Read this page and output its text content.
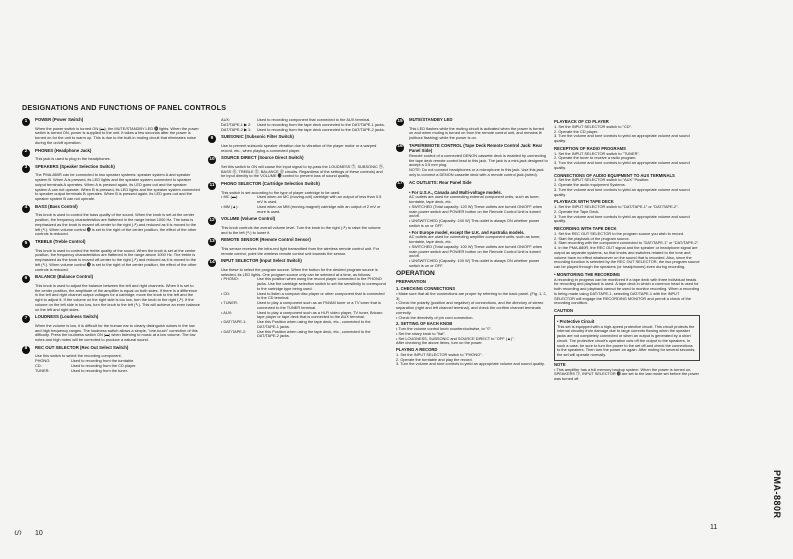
DESIGNATIONS AND FUNCTIONS OF PANEL CONTROLS
1	POWER (Power Switch)

When the power switch is turned ON (▬), the MUTE/STANDBY LED ⓮ lights. When the power switch is turned ON, power is supplied to the unit. It takes a few seconds after the power is turned on for the unit to warm up. This is due to the built-in muting circuit that eliminates noise during the on/off operation.

2	PHONES (Headphone Jack)

This jack is used to plug in the headphones.

3	SPEAKERS (Speaker Selection Switch)

The PMA-880R can be connected to two speaker systems: speaker system A and speaker system B. When A is pressed, its LED lights and the speaker system connected to speaker output terminals A operates. When A is pressed again, its LED goes out and the speaker system A can not operate. When B is pressed, its LED lights and the speaker system connected to speaker output terminals B operates. When B is pressed again, its LED goes out and the speaker system B can not operate.

4	BASS (Bass Control)

This knob is used to control the bass quality of the sound. When the knob is set at the center position, the frequency characteristics are flattened in the range below 1000 Hz. The bass is emphasized as the knob is moved off-center to the right (↗) and reduced as it is moved to the left (↖). When volume control ⓫ is set to the right of the center position, the effect of the other controls is reduced.

5	TREBLE (Treble Control)

This knob is used to control the treble quality of the sound. When the knob is set at the center position, the frequency characteristics are flattened in the range above 1000 Hz. The treble is emphasized as the knob is moved off-center to the right (↗) and reduced as it is moved to the left (↖). When volume control ⓫ is set to the right of the center position, the effect of the other controls is reduced.

6	BALANCE (Balance Control)

This knob is used to adjust the balance between the left and right channels. When it is set to the center position, the amplitude of the amplifier is equal on both sides. If there is a difference in the left and right channel output voltages for a cartridge, move the knob to the left and the right to adjust it. If the volume on the right side is too low, turn the knob to the right (↗). If the volume on the left side is too low, turn the knob to the left (↖). This will achieve an even balance on the left and right sides.

7	LOUDNESS (Loudness Switch)

When the volume is low, it is difficult for the human ear to clearly distinguish noises in the low and high frequency ranges. The loudness switch allows a simple, "one-touch" correction of this difficulty. Press the loudness switch ON (▬) when listening to music at a low volume. The low notes and high notes will be corrected to produce a natural sound.

8	REC OUT SELECTOR (Rec Out Select Switch)

Use this switch to select the recording component.

PHONO:	Used to recording from the turntable.
CD:	Used to recording from the CD player.
TUNER:	Used to recording from the tuner.
AUX:	Used to recording component that connected to the AUX terminal.
DAT/TAPE-1 ▶ 2:	Used to recording from the tape deck connected to the DAT/TAPE-1 jacks.
DAT/TAPE-2 ▶ 1:	Used to recording from the tape deck connected to the DAT/TAPE-2 jacks.
9	SUBSONIC (Subsonic Filter Switch)

Use to prevent subsonic speaker vibration due to vibration of the player motor or a warped record, etc., when playing a connected player.

10	SOURCE DIRECT (Source Direct Switch)

Set this switch to ON will cause the input signal to by-pass the LOUDNESS ⓻, SUBSONIC ⓽, BASS ⓸, TREBLE ⓹, BALANCE ⓺ circuits. Regardless of the settings of these controls) and be input directly to the VOLUME ⓫ control to prevent loss of sound quality.

11	PHONO SELECTOR (Cartridge Selection Switch)

This switch is set according to the type of player cartridge to be used.

• MC (▬):	Used when an MC (moving-coil) cartridge with an output of less than 0.5 mV is used.
• MM (▲):	Used when an MM (moving-magnet) cartridge with an output of 2 mV or more is used.
12	VOLUME (Volume Control)

This knob controls the overall volume level. Turn the knob to the right (↗) to raise the volume and to the left (↖) to lower it.

13	REMOTE SENSOR (Remote Control Sensor)

This sensor receives the infra-red light transmitted from the wireless remote control unit. For remote control, point the wireless remote control unit towards the sensor.

14	INPUT SELECTOR (Input Select Switch)

Use these to select the program source. When the button for the desired program source is selected, its LED lights. One program source only can be selected at a time, as follows:

• PHONO:	Use this position when using the record player connected to the PHONO jacks. Use the cartridge selection switch to set the sensitivity to correspond to the cartridge type being used.
• CD:	Used to listen a compact disc player or other component that is connected to the CD terminal.
• TUNER:	Used to play a component such as an FM/AM tuner or a TV tuner that is connected to the TUNER terminal.
• AUX:	Used to play a component such as a Hi-Fi video player, TV tuner, Bricaro tape player or tape deck that is connected to the AUX terminal.
• DAT/TAPE-1:	Use this Position when using the tape deck, etc., connected to the DAT/TAPE-1 jacks.
• DAT/TAPE-2:	Use this Position when using the tape deck, etc., connected to the DAT/TAPE-2 jacks.
15	MUTE/STANDBY LED

This LED flashes while the muting circuit is activated when the power is turned on and when muting is turned on from the remote control unit, and remains lit (without flashing) while the power is on.

16	TAPE/REMOTE CONTROL (Tape Deck Remote Control Jack: Rear Panel Side)

Remote control of a connected DENON cassette deck is enabled by connecting the tape deck remote control lead to this jack. The jack is a mini-jack designed to accept a 3.5 mm plug.

NOTE: Do not connect headphones or a microphone to this jack. Use this jack only to connect a DENON cassette deck with a remote control jack-(wired).
17	AC OUTLETS: Rear Panel Side
• For U.S.A., Canada and Multi-voltage models.
AC outlets are used for connecting external component units, such as tuner, turntable, tape deck, etc.
• SWITCHED (Total capacity: 120 W) These outlets are turned ON/OFF when main power switch and POWER button on the Remote Control Unit is turned on/off.
• UNSWITCHED (Capacity: 240 W) This outlet is always ON whether power switch is on or OFF.
• For Europe model, except the U.K. and Australia models.
AC outlets are used for connecting amplifier component units, such as tuner, turntable, tape deck, etc.
• SWITCHED (Total capacity: 100 W) These outlets are turned ON/OFF when main power switch and POWER button on the Remote Control Unit is turned on/off.
• UNSWITCHED (Capacity: 100 W) This outlet is always ON whether power switch is on or OFF.
OPERATION
PREPARATION
1. CHECKING CONNECTIONS
• Make sure that all the connections are proper by referring to the back panel. (Fig. 1, 2, 3)
• Check the polarity (positive and negative) of connections, and the directory of stereo separation (right and left channel terminal), and check the confirm channel terminals correctly.
• Check the directivity of pin cord connection.
2. SETTING OF EACH KNOB
• Turn the volume control knob counterclockwise, to "0".
• Set the rotary knob to "flat".
• Set LOUDNESS, SUBSONIC and SOURCE DIRECT to "OFF (▲)".
After checking the above items, turn on the power.
PLAYING A RECORD
1. Set the INPUT SELECTOR switch to "PHONO".
2. Operate the turntable and play the record.
3. Turn the volume and tone controls to yield an appropriate volume and sound quality.
PLAYBACK OF CD PLAYER
1. Set the INPUT SELECTOR switch to "CD".
2. Operate the CD player.
3. Turn the volume and tone controls to yield an appropriate volume and sound quality.
RECEPTION OF RADIO PROGRAMS
1. Set the INPUT SELECTOR switch to "TUNER".
2. Operate the tuner to receive a radio program.
3. Turn the volume and tone controls to yield an appropriate volume and sound quality.
CONNECTIONS OF AUDIO EQUIPMENT TO AUX TERMINALS
1. Set the INPUT SELECTOR switch to "AUX" Position.
2. Operate the audio equipment Systems.
3. Turn the volume and tone controls to yield an appropriate volume and sound quality.
PLAYBACK WITH TAPE DECK
1. Set the INPUT SELECTOR switch to "DAT/TAPE-1" or "DAT/TAPE-2".
2. Operate the Tape Deck.
3. Turn the volume and tone controls to yield an appropriate volume and sound quality.
RECORDING WITH TAPE DECK
1. Set the REC OUT SELECTOR to the program source you wish to record.
2. Start the playback of the program source.
3. Start recording with the component connected to "DAT/TAPE-1" or "DAT/TAPE-2".
4. In the PMA-880R, the REC OUT signal and the speaker or headphone signal are output as separate systems, so that knobs and switches related to the tone and volume have no effect whatsoever on the sound that is recorded. Also, since the recording function is selected by the REC OUT SELECTOR, the two program source can be played through the speakers (or headphones) even during recording.
• MONITORING THE RECORDING
A recording in progress can be monitored if a tape deck with three individual heads for recording and playback is used. A tape deck in which a common head is used for both recording and playback cannot be used to monitor recording. When a recording is being made using DAT/TAPE-1, selecting DAT/TAPE-1 with the INPUT SELECTOR will engage the RECORDING MONITOR and permit a check of the recording condition.
CAUTION
• Protective Circuit
This set is equipped with a high-speed protective circuit. This circuit protects the internal circuitry from damage due to large currents flowing when the speaker jacks are not completely connected or when an output is generated by a short circuit. The protective circuit's operation cuts off the output to the speakers. In such a case, be sure to turn the power to the set off and check the connections to the speakers. Then turn the power on again. After muting for several seconds, the set will operate normally.
NOTE
• This amplifier has a full memory backup system. When the power is turned on, SPEAKERS ⓷, INPUT SELECTOR ⓮ are set to the last mode set before the power was turned off.
ഗ 10
11
PMA-880R
